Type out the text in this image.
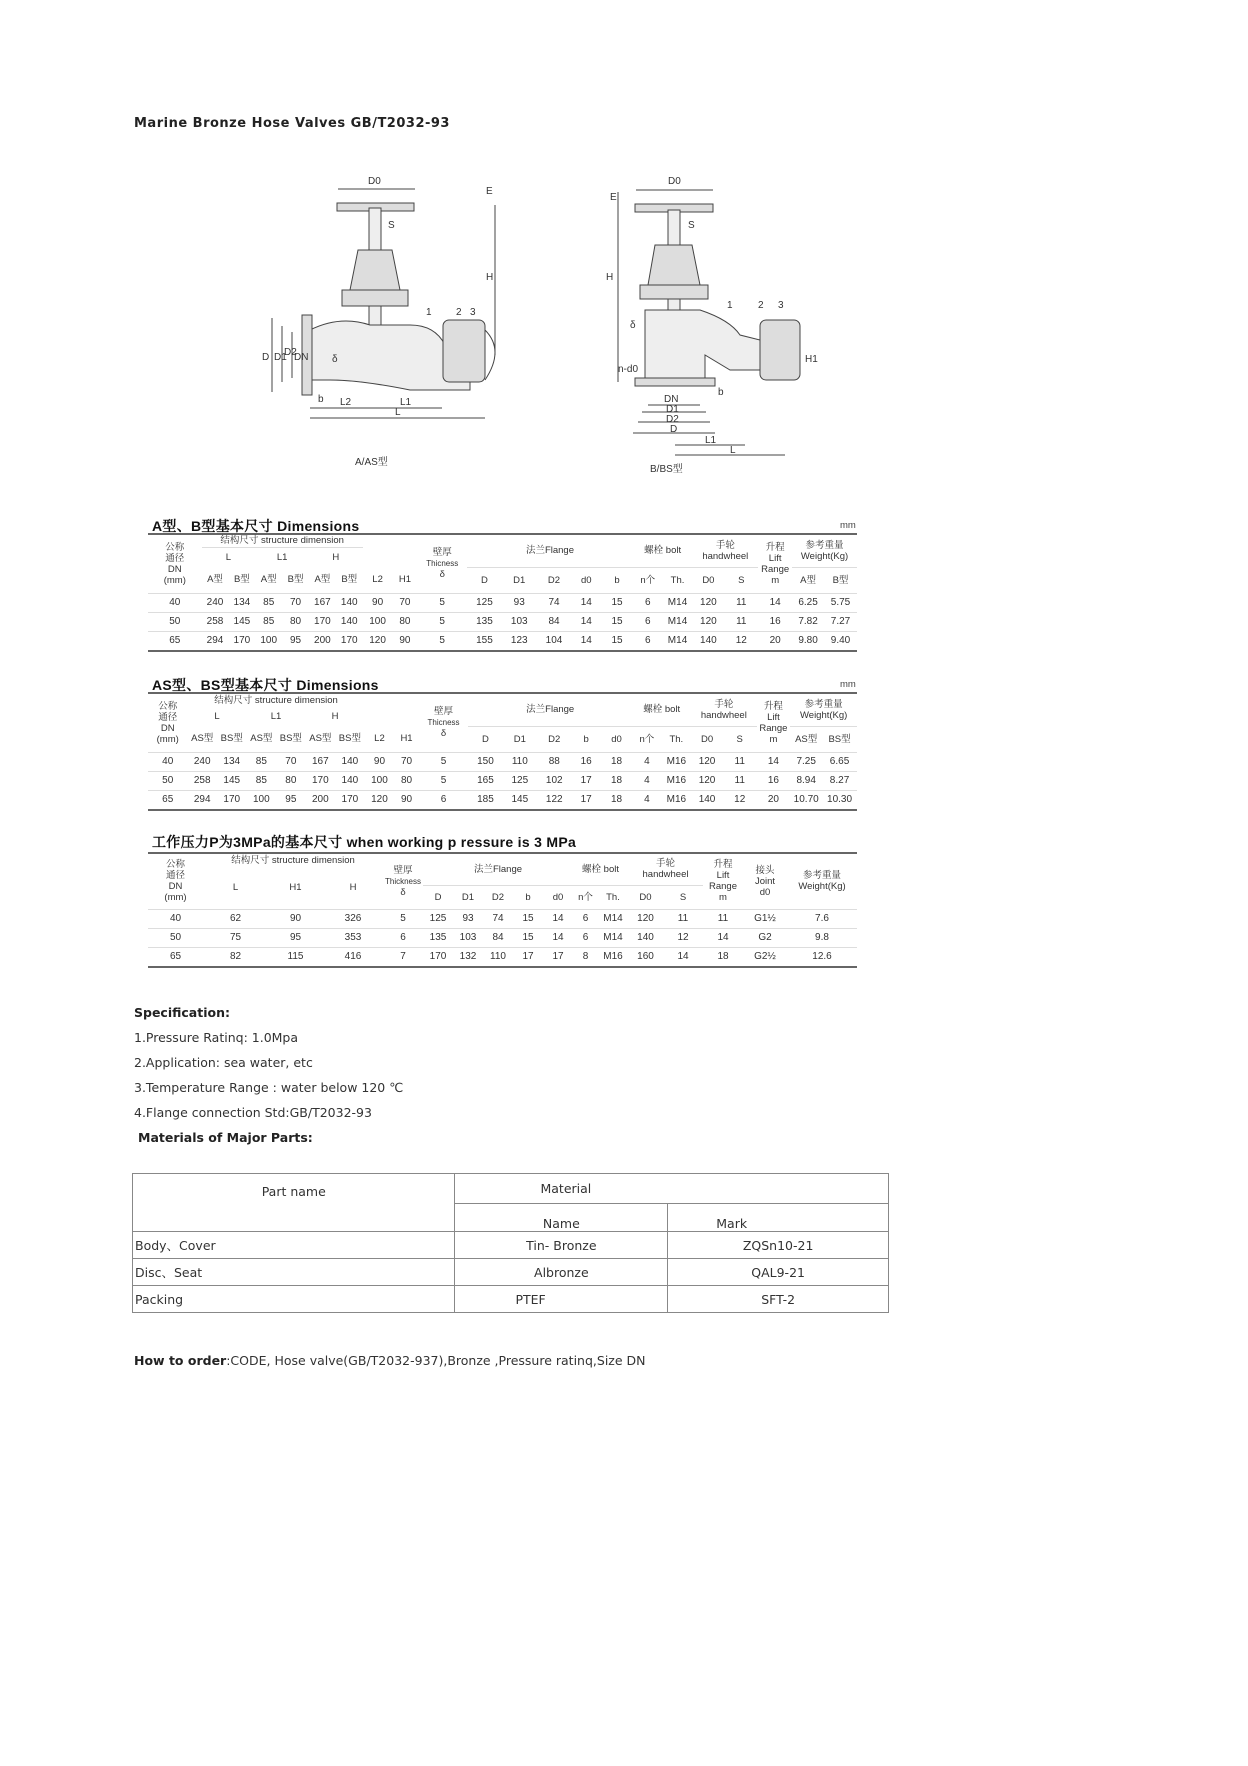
Marine Bronze Hose Valves GB/T2032-93
D0
E
S
H
1 2 3
D D1
D2
DN δ
b L2	L1
L
A/AS型
D0
E
S
H
1	2 3
δ
n-d0
H1
DN
D1
D2
D
b
L1
L
B/BS型
A型、B型基本尺寸 Dimensions	mm
公称
通径
DN
(mm)	结构尺寸 structure dimension								壁厚
Thicness
δ	法兰Flange					螺栓 bolt		手轮
handwheel		升程
Lift
Range
m	参考重量
Weight(Kg)	
	L		L1		H																
	A型	B型	A型	B型	A型	B型	L2	H1		D	D1	D2	d0	b	n个	Th.	D0	S		A型	B型
40	240	134	85	70	167	140	90	70	5	125	93	74	14	15	6	M14	120	11	14	6.25	5.75
50	258	145	85	80	170	140	100	80	5	135	103	84	14	15	6	M14	120	11	16	7.82	7.27
65	294	170	100	95	200	170	120	90	5	155	123	104	14	15	6	M14	140	12	20	9.80	9.40
AS型、BS型基本尺寸 Dimensions	mm
公称
通径
DN
(mm)	结构尺寸 structure dimension								壁厚
Thicness
δ	法兰Flange					螺栓 bolt		手轮
handwheel		升程
Lift
Range
m	参考重量
Weight(Kg)	
	L		L1		H																
	AS型	BS型	AS型	BS型	AS型	BS型	L2	H1		D	D1	D2	b	d0	n个	Th.	D0	S		AS型	BS型
40	240	134	85	70	167	140	90	70	5	150	110	88	16	18	4	M16	120	11	14	7.25	6.65
50	258	145	85	80	170	140	100	80	5	165	125	102	17	18	4	M16	120	11	16	8.94	8.27
65	294	170	100	95	200	170	120	90	6	185	145	122	17	18	4	M16	140	12	20	10.70	10.30
工作压力P为3MPa的基本尺寸 when working p ressure is 3 MPa
公称
通径
DN
(mm)	结构尺寸 structure dimension			壁厚
Thickness
δ	法兰Flange					螺栓 bolt		手轮
handwheel		升程
Lift
Range
m	接头
Joint
d0	参考重量
Weight(Kg)
	L	H1	H													
					D	D1	D2	b	d0	n个	Th.	D0	S			
40	62	90	326	5	125	93	74	15	14	6	M14	120	11	11	G1½	7.6
50	75	95	353	6	135	103	84	15	14	6	M14	140	12	14	G2	9.8
65	82	115	416	7	170	132	110	17	17	8	M16	160	14	18	G2½	12.6
Specification:
1.Pressure Ratinq: 1.0Mpa
2.Application: sea water, etc
3.Temperature Range : water below 120 ℃
4.Flange connection Std:GB/T2032-93
Materials of Major Parts:
Part name	Material	
	Name	Mark
Body、Cover	Tin- Bronze	ZQSn10-21
Disc、Seat	Albronze	QAL9-21
Packing	PTEF	SFT-2
How to order:CODE, Hose valve(GB/T2032-937),Bronze ,Pressure ratinq,Size DN
